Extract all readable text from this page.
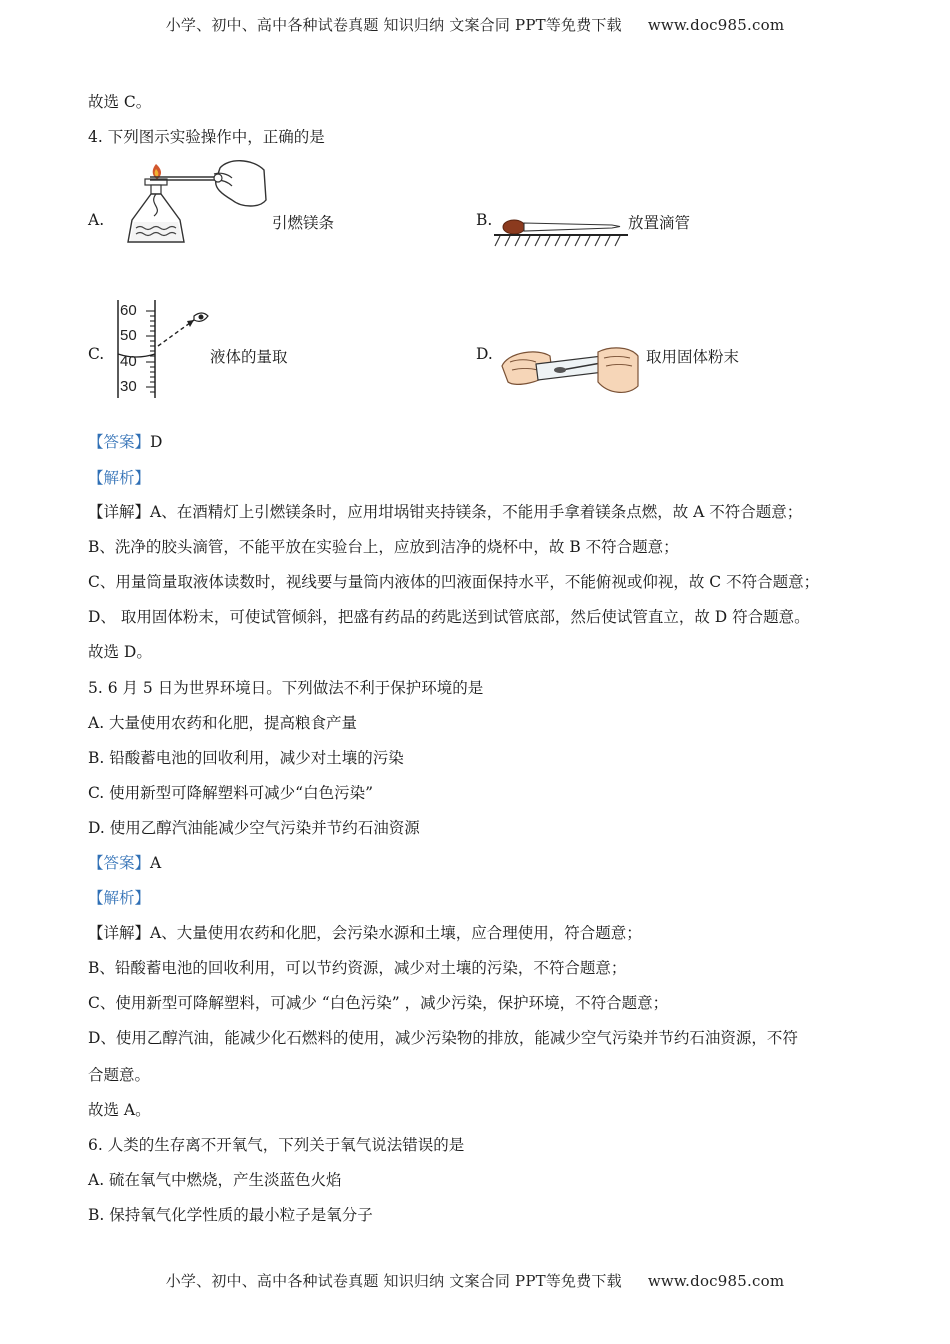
小学、初中、高中各种试卷真题 知识归纳 文案合同 PPT等免费下载 www.doc985.com
故选 C。
4. 下列图示实验操作中，正确的是
A.	引燃镁条	B.	放置滴管
C.
60
50
40
30
液体的量取	D.	取用固体粉末
【答案】D
【解析】
【详解】A、在酒精灯上引燃镁条时，应用坩埚钳夹持镁条，不能用手拿着镁条点燃，故 A 不符合题意；
B、洗净的胶头滴管，不能平放在实验台上，应放到洁净的烧杯中，故 B 不符合题意；
C、用量筒量取液体读数时，视线要与量筒内液体的凹液面保持水平，不能俯视或仰视，故 C 不符合题意；
D、 取用固体粉末，可使试管倾斜，把盛有药品的药匙送到试管底部，然后使试管直立，故 D 符合题意。
故选 D。
5. 6 月 5 日为世界环境日。下列做法不利于保护环境的是
A. 大量使用农药和化肥，提高粮食产量
B. 铅酸蓄电池的回收利用，减少对土壤的污染
C. 使用新型可降解塑料可减少“白色污染”
D. 使用乙醇汽油能减少空气污染并节约石油资源
【答案】A
【解析】
【详解】A、大量使用农药和化肥，会污染水源和土壤，应合理使用，符合题意；
B、铅酸蓄电池的回收利用，可以节约资源，减少对土壤的污染，不符合题意；
C、使用新型可降解塑料，可减少 “白色污染” ，减少污染，保护环境，不符合题意；
D、使用乙醇汽油，能减少化石燃料的使用，减少污染物的排放，能减少空气污染并节约石油资源，不符
合题意。
故选 A。
6. 人类的生存离不开氧气，下列关于氧气说法错误的是
A. 硫在氧气中燃烧，产生淡蓝色火焰
B. 保持氧气化学性质的最小粒子是氧分子
小学、初中、高中各种试卷真题 知识归纳 文案合同 PPT等免费下载 www.doc985.com
